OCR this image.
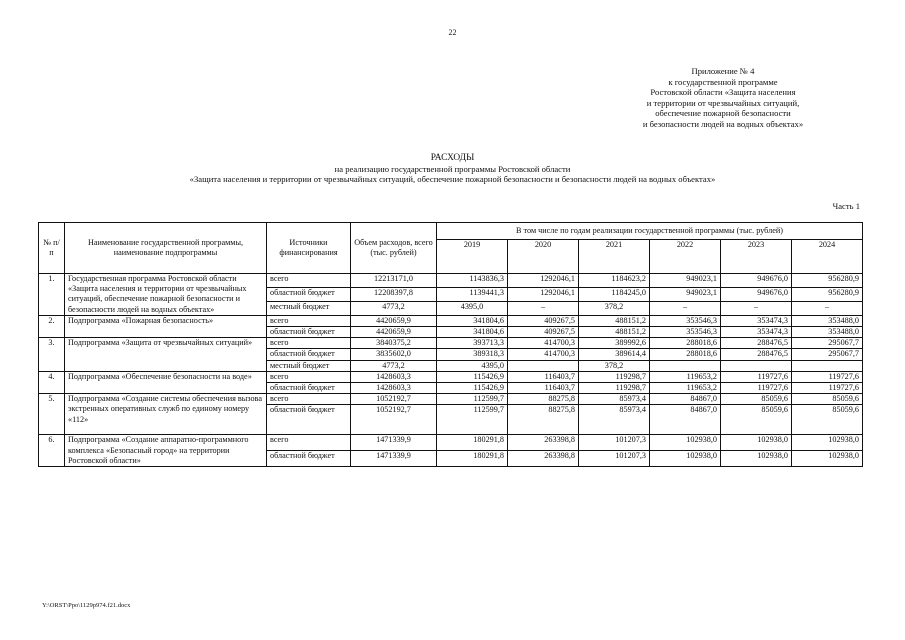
22
Приложение № 4
к государственной программе
Ростовской области «Защита населения
и территории от чрезвычайных ситуаций,
обеспечение пожарной безопасности
и безопасности людей на водных объектах»
РАСХОДЫ
на реализацию государственной программы Ростовской области
«Защита населения и территории от чрезвычайных ситуаций, обеспечение пожарной безопасности и безопасности людей на водных объектах»
Часть 1
№ п/п	Наименование государственной программы, наименование подпрограммы	Источники финансирования	Объем расходов, всего (тыс. рублей)	В том числе по годам реализации государственной программы (тыс. рублей)					
				2019	2020	2021	2022	2023	2024
1.	Государственная программа Ростовской области «Защита населения и территории от чрезвычайных ситуаций, обеспечение пожарной безопасности и безопасности людей на водных объектах»	всего	12213171,0	1143836,3	1292046,1	1184623,2	949023,1	949676,0	956280,9
		областной бюджет	12208397,8	1139441,3	1292046,1	1184245,0	949023,1	949676,0	956280,9
		местный бюджет	4773,2	4395,0	–	378,2	–	–	–
2.	Подпрограмма «Пожарная безопасность»	всего	4420659,9	341804,6	409267,5	488151,2	353546,3	353474,3	353488,0
		областной бюджет	4420659,9	341804,6	409267,5	488151,2	353546,3	353474,3	353488,0
3.	Подпрограмма «Защита от чрезвычайных ситуаций»	всего	3840375,2	393713,3	414700,3	389992,6	288018,6	288476,5	295067,7
		областной бюджет	3835602,0	389318,3	414700,3	389614,4	288018,6	288476,5	295067,7
		местный бюджет	4773,2	4395,0		378,2			
4.	Подпрограмма «Обеспечение безопасности на воде»	всего	1428603,3	115426,9	116403,7	119298,7	119653,2	119727,6	119727,6
		областной бюджет	1428603,3	115426,9	116403,7	119298,7	119653,2	119727,6	119727,6
5.	Подпрограмма «Создание системы обеспечения вызова экстренных оперативных служб по единому номеру «112»	всего	1052192,7	112599,7	88275,8	85973,4	84867,0	85059,6	85059,6
		областной бюджет	1052192,7	112599,7	88275,8	85973,4	84867,0	85059,6	85059,6
6.	Подпрограмма «Создание аппаратно-программного комплекса «Безопасный город» на территории Ростовской области»	всего	1471339,9	180291,8	263398,8	101207,3	102938,0	102938,0	102938,0
		областной бюджет	1471339,9	180291,8	263398,8	101207,3	102938,0	102938,0	102938,0
Y:\ORST\Ppo\1129p974.f21.docx
